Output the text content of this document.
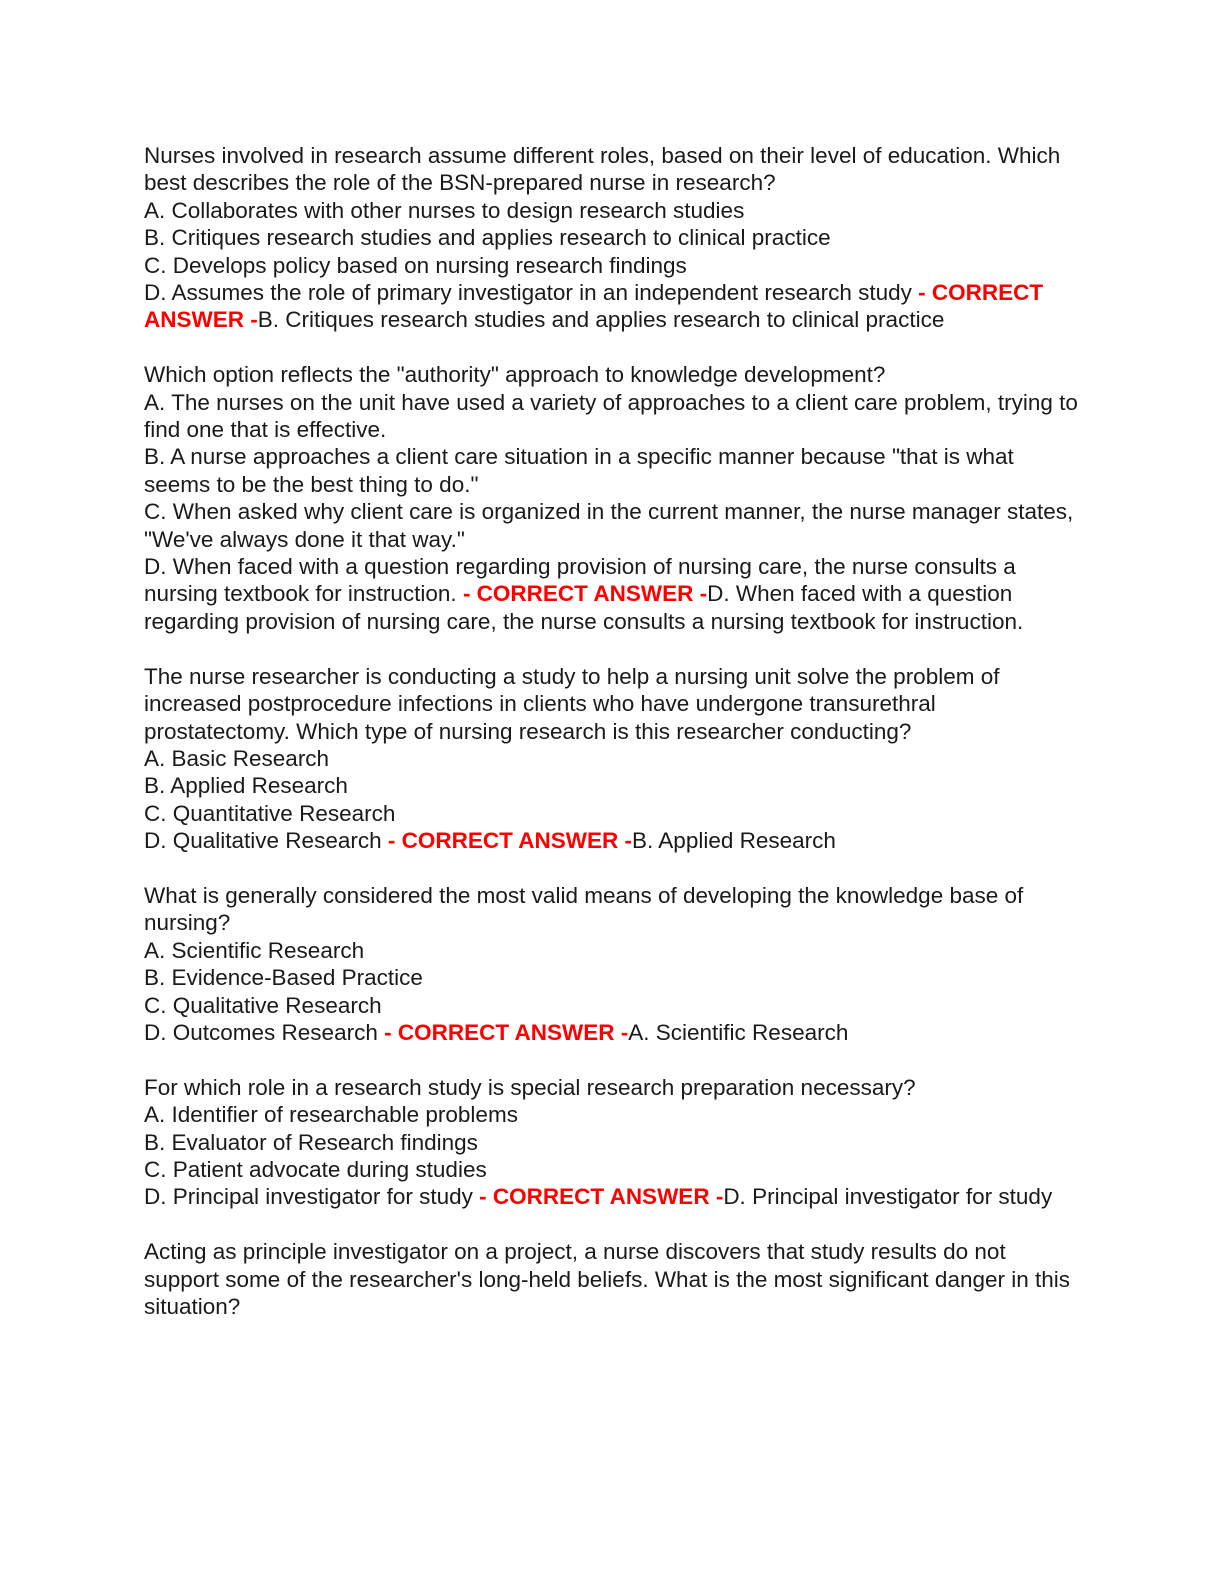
Nurses involved in research assume different roles, based on their level of education. Which best describes the role of the BSN-prepared nurse in research?

A. Collaborates with other nurses to design research studies

B. Critiques research studies and applies research to clinical practice

C. Develops policy based on nursing research findings

D. Assumes the role of primary investigator in an independent research study - CORRECT ANSWER -B. Critiques research studies and applies research to clinical practice

Which option reflects the "authority" approach to knowledge development?

A. The nurses on the unit have used a variety of approaches to a client care problem, trying to find one that is effective.

B. A nurse approaches a client care situation in a specific manner because "that is what seems to be the best thing to do."

C. When asked why client care is organized in the current manner, the nurse manager states, "We've always done it that way."

D. When faced with a question regarding provision of nursing care, the nurse consults a nursing textbook for instruction. - CORRECT ANSWER -D. When faced with a question regarding provision of nursing care, the nurse consults a nursing textbook for instruction.

The nurse researcher is conducting a study to help a nursing unit solve the problem of increased postprocedure infections in clients who have undergone transurethral prostatectomy. Which type of nursing research is this researcher conducting?

A. Basic Research

B. Applied Research

C. Quantitative Research

D. Qualitative Research - CORRECT ANSWER -B. Applied Research

What is generally considered the most valid means of developing the knowledge base of nursing?

A. Scientific Research

B. Evidence-Based Practice

C. Qualitative Research

D. Outcomes Research - CORRECT ANSWER -A. Scientific Research

For which role in a research study is special research preparation necessary?

A. Identifier of researchable problems

B. Evaluator of Research findings

C. Patient advocate during studies

D. Principal investigator for study - CORRECT ANSWER -D. Principal investigator for study

Acting as principle investigator on a project, a nurse discovers that study results do not support some of the researcher's long-held beliefs. What is the most significant danger in this situation?
